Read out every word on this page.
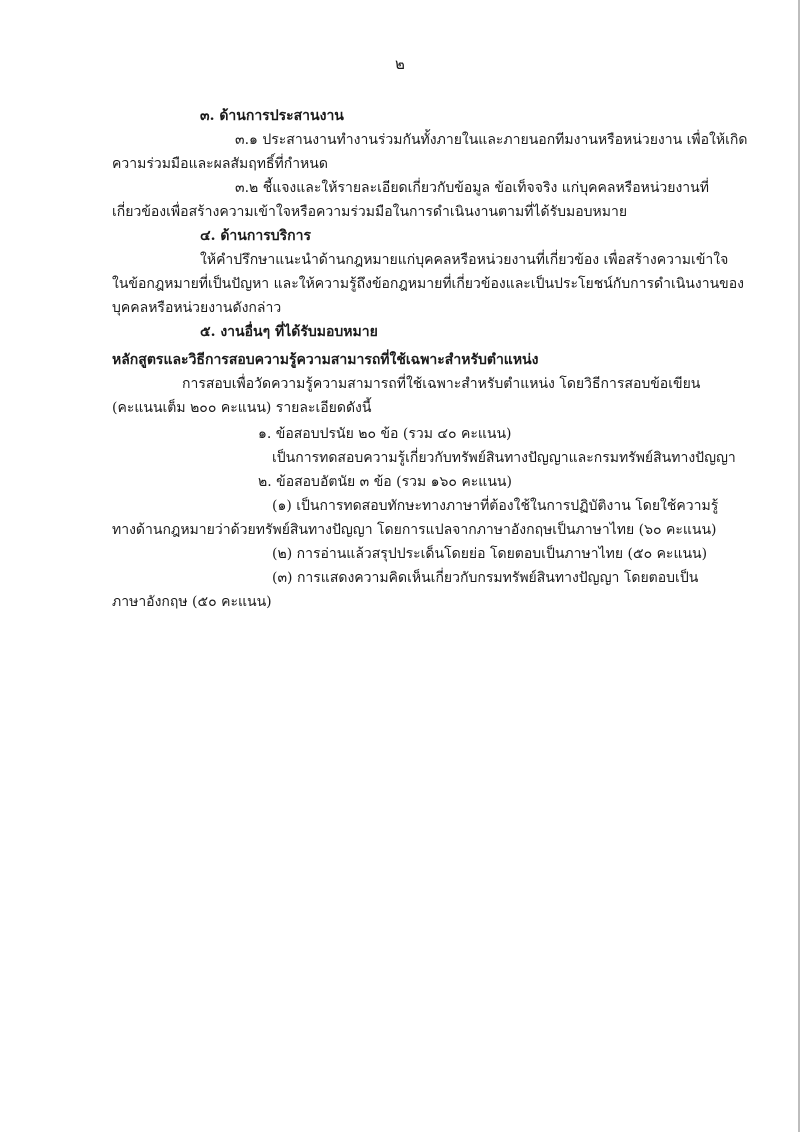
๒
๓. ด้านการประสานงาน
๓.๑ ประสานงานทำงานร่วมกันทั้งภายในและภายนอกทีมงานหรือหน่วยงาน เพื่อให้เกิด
ความร่วมมือและผลสัมฤทธิ์ที่กำหนด
๓.๒ ชี้แจงและให้รายละเอียดเกี่ยวกับข้อมูล ข้อเท็จจริง แก่บุคคลหรือหน่วยงานที่
เกี่ยวข้องเพื่อสร้างความเข้าใจหรือความร่วมมือในการดำเนินงานตามที่ได้รับมอบหมาย
๔. ด้านการบริการ
ให้คำปรึกษาแนะนำด้านกฎหมายแก่บุคคลหรือหน่วยงานที่เกี่ยวข้อง เพื่อสร้างความเข้าใจ
ในข้อกฎหมายที่เป็นปัญหา และให้ความรู้ถึงข้อกฎหมายที่เกี่ยวข้องและเป็นประโยชน์กับการดำเนินงานของ
บุคคลหรือหน่วยงานดังกล่าว
๕. งานอื่นๆ ที่ได้รับมอบหมาย
หลักสูตรและวิธีการสอบความรู้ความสามารถที่ใช้เฉพาะสำหรับตำแหน่ง
การสอบเพื่อวัดความรู้ความสามารถที่ใช้เฉพาะสำหรับตำแหน่ง โดยวิธีการสอบข้อเขียน
(คะแนนเต็ม ๒๐๐ คะแนน) รายละเอียดดังนี้
๑. ข้อสอบปรนัย ๒๐ ข้อ (รวม ๔๐ คะแนน)
เป็นการทดสอบความรู้เกี่ยวกับทรัพย์สินทางปัญญาและกรมทรัพย์สินทางปัญญา
๒. ข้อสอบอัตนัย ๓ ข้อ (รวม ๑๖๐ คะแนน)
(๑) เป็นการทดสอบทักษะทางภาษาที่ต้องใช้ในการปฏิบัติงาน โดยใช้ความรู้
ทางด้านกฎหมายว่าด้วยทรัพย์สินทางปัญญา โดยการแปลจากภาษาอังกฤษเป็นภาษาไทย (๖๐ คะแนน)
(๒) การอ่านแล้วสรุปประเด็นโดยย่อ โดยตอบเป็นภาษาไทย (๕๐ คะแนน)
(๓) การแสดงความคิดเห็นเกี่ยวกับกรมทรัพย์สินทางปัญญา โดยตอบเป็น
ภาษาอังกฤษ (๕๐ คะแนน)
